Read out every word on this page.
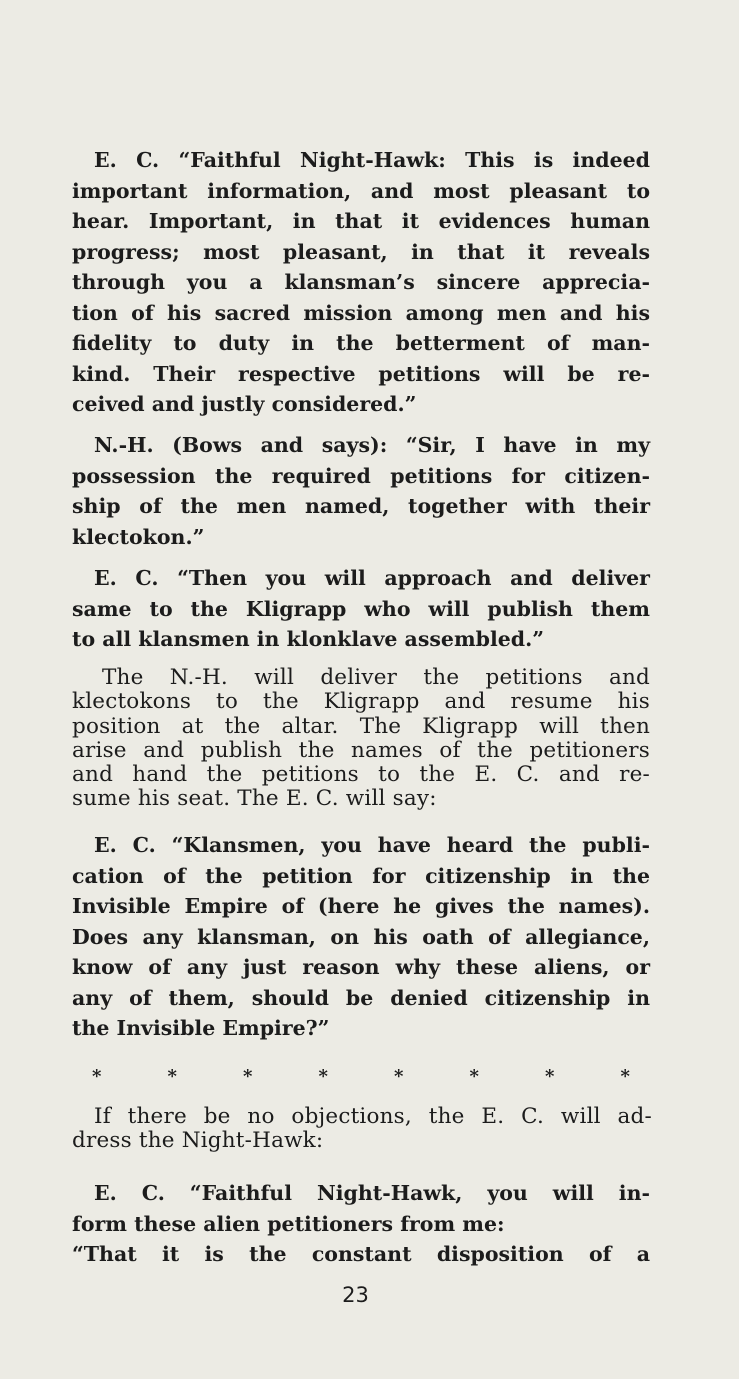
E. C. “Faithful Night-Hawk: This is indeed
important information, and most pleasant to
hear. Important, in that it evidences human
progress; most pleasant, in that it reveals
through you a klansman’s sincere apprecia-
tion of his sacred mission among men and his
fidelity to duty in the betterment of man-
kind. Their respective petitions will be re-
ceived and justly considered.”
N.-H. (Bows and says): “Sir, I have in my
possession the required petitions for citizen-
ship of the men named, together with their
klectokon.”
E. C. “Then you will approach and deliver
same to the Kligrapp who will publish them
to all klansmen in klonklave assembled.”
The N.-H. will deliver the petitions and
klectokons to the Kligrapp and resume his
position at the altar. The Kligrapp will then
arise and publish the names of the petitioners
and hand the petitions to the E. C. and re-
sume his seat. The E. C. will say:
E. C. “Klansmen, you have heard the publi-
cation of the petition for citizenship in the
Invisible Empire of (here he gives the names).
Does any klansman, on his oath of allegiance,
know of any just reason why these aliens, or
any of them, should be denied citizenship in
the Invisible Empire?”
*	*	*	*	*	*	*	*
If there be no objections, the E. C. will ad-
dress the Night-Hawk:
E. C. “Faithful Night-Hawk, you will in-
form these alien petitioners from me:
“That it is the constant disposition of a
23
